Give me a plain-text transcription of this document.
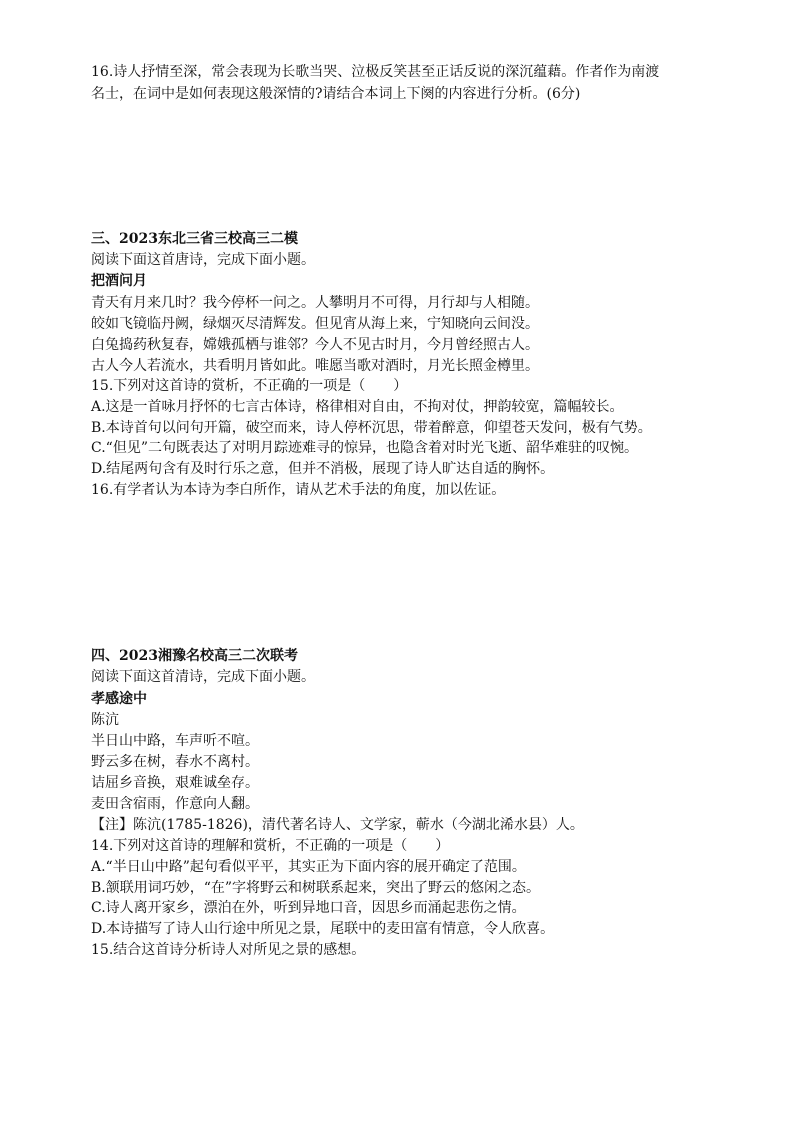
16.诗人抒情至深，常会表现为长歌当哭、泣极反笑甚至正话反说的深沉蕴藉。作者作为南渡
名士，在词中是如何表现这般深情的?请结合本词上下阕的内容进行分析。(6分)
三、2023东北三省三校高三二模
阅读下面这首唐诗，完成下面小题。
把酒问月
青天有月来几时？我今停杯一问之。人攀明月不可得，月行却与人相随。
皎如飞镜临丹阙，绿烟灭尽清辉发。但见宵从海上来，宁知晓向云间没。
白兔捣药秋复春，嫦娥孤栖与谁邻？今人不见古时月，今月曾经照古人。
古人今人若流水，共看明月皆如此。唯愿当歌对酒时，月光长照金樽里。
15.下列对这首诗的赏析，不正确的一项是（　　）
A.这是一首咏月抒怀的七言古体诗，格律相对自由，不拘对仗，押韵较宽，篇幅较长。
B.本诗首句以问句开篇，破空而来，诗人停杯沉思，带着醉意，仰望苍天发问，极有气势。
C.“但见”二句既表达了对明月踪迹难寻的惊异，也隐含着对时光飞逝、韶华难驻的叹惋。
D.结尾两句含有及时行乐之意，但并不消极，展现了诗人旷达自适的胸怀。
16.有学者认为本诗为李白所作，请从艺术手法的角度，加以佐证。
四、2023湘豫名校高三二次联考
阅读下面这首清诗，完成下面小题。
孝感途中
陈沆
半日山中路，车声听不喧。
野云多在树，春水不离村。
诘屈乡音换，艰难诚垒存。
麦田含宿雨，作意向人翻。
【注】陈沆(1785-1826)，清代著名诗人、文学家，蕲水（今湖北浠水县）人。
14.下列对这首诗的理解和赏析，不正确的一项是（　　）
A.“半日山中路”起句看似平平，其实正为下面内容的展开确定了范围。
B.颔联用词巧妙，“在”字将野云和树联系起来，突出了野云的悠闲之态。
C.诗人离开家乡，漂泊在外，听到异地口音，因思乡而涌起悲伤之情。
D.本诗描写了诗人山行途中所见之景，尾联中的麦田富有情意，令人欣喜。
15.结合这首诗分析诗人对所见之景的感想。
